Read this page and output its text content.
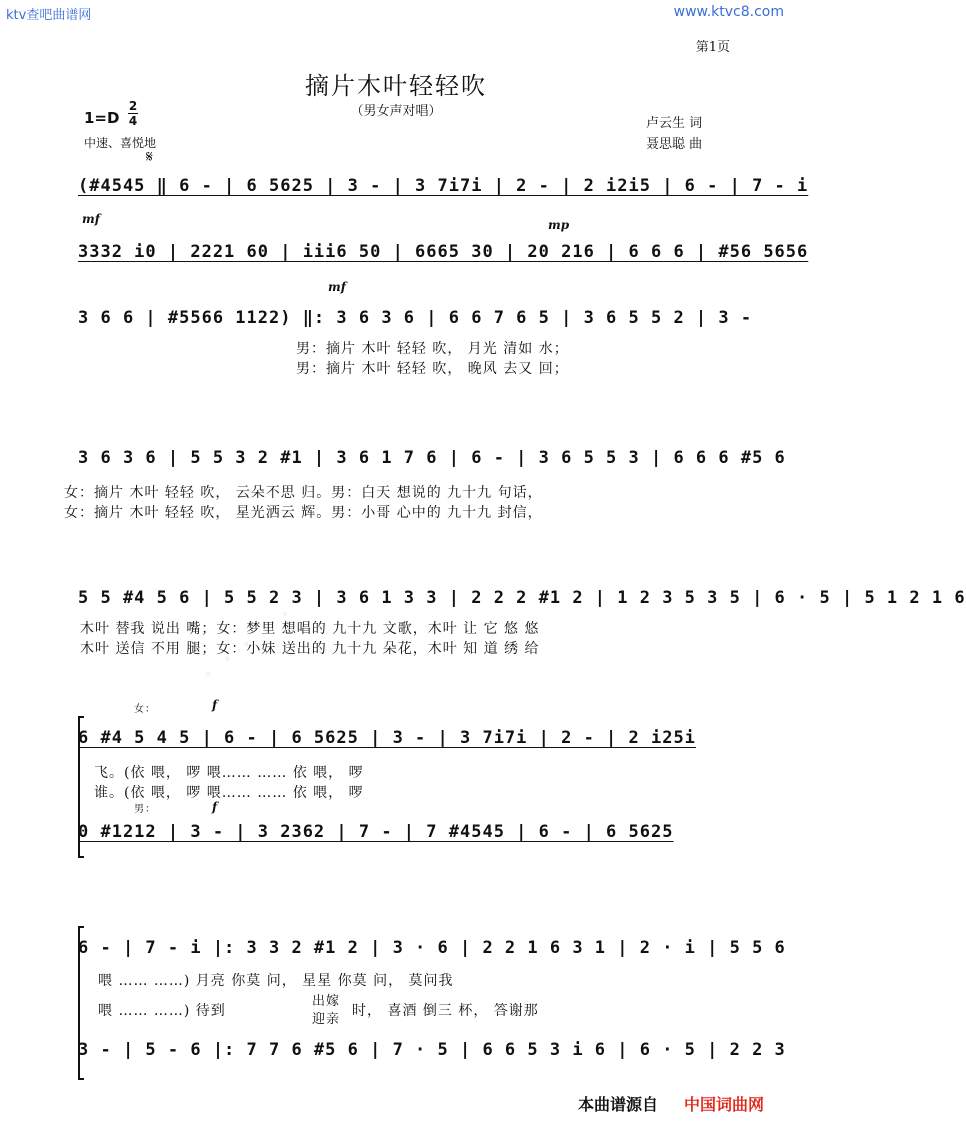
ktv查吧曲谱网	www.ktvc8.com
第1页
摘片木叶轻轻吹
（男女声对唱）
1=D
2
4
中速、喜悦地
𝄋
卢云生 词
聂思聪 曲
(#4545 ‖ 6 - | 6 5625 | 3 - | 3 7i7i | 2 - | 2 i2i5 | 6 - | 7 - i
mf	mp
3332 i0 | 2221 60 | iii6 50 | 6665 30 | 20 216 | 6 6 6 | #56 5656
mf
3 6 6 | #5566 1122) ‖: 3 6 3 6 | 6 6 7 6 5 | 3 6 5 5 2 | 3 -
男：摘片 木叶 轻轻 吹， 月光 清如 水；
男：摘片 木叶 轻轻 吹， 晚风 去又 回；
3 6 3 6 | 5 5 3 2 #1 | 3 6 1 7 6 | 6 - | 3 6 5 5 3 | 6 6 6 #5 6
女：摘片 木叶 轻轻 吹， 云朵不思 归。男：白天 想说的 九十九 句话，
女：摘片 木叶 轻轻 吹， 星光洒云 辉。男：小哥 心中的 九十九 封信，
5 5 #4 5 6 | 5 5 2 3 | 3 6 1 3 3 | 2 2 2 #1 2 | 1 2 3 5 3 5 | 6 · 5 | 5 1 2 1 6
木叶 替我 说出 嘴；女：梦里 想唱的 九十九 文歌，木叶 让 它 悠 悠
木叶 送信 不用 腿；女：小妹 送出的 九十九 朵花，木叶 知 道 绣 给
女：	f
6 #4 5 4 5 | 6 - | 6 5625 | 3 - | 3 7i7i | 2 - | 2 i25i
飞。(依 喂， 啰 喂…… …… 依 喂， 啰
谁。(依 喂， 啰 喂…… …… 依 喂， 啰
男：	f
0 #1212 | 3 - | 3 2362 | 7 - | 7 #4545 | 6 - | 6 5625
6 - | 7 - i |: 3 3 2 #1 2 | 3 · 6 | 2 2 1 6 3 1 | 2 · i | 5 5 6
喂 …… ……) 月亮 你莫 问， 星星 你莫 问， 莫问我
喂 …… ……) 待到
出嫁
迎亲
时， 喜酒 倒三 杯， 答谢那
3 - | 5 - 6 |: 7 7 6 #5 6 | 7 · 5 | 6 6 5 3 i 6 | 6 · 5 | 2 2 3
· · · · ·
本曲谱源自 中国词曲网
